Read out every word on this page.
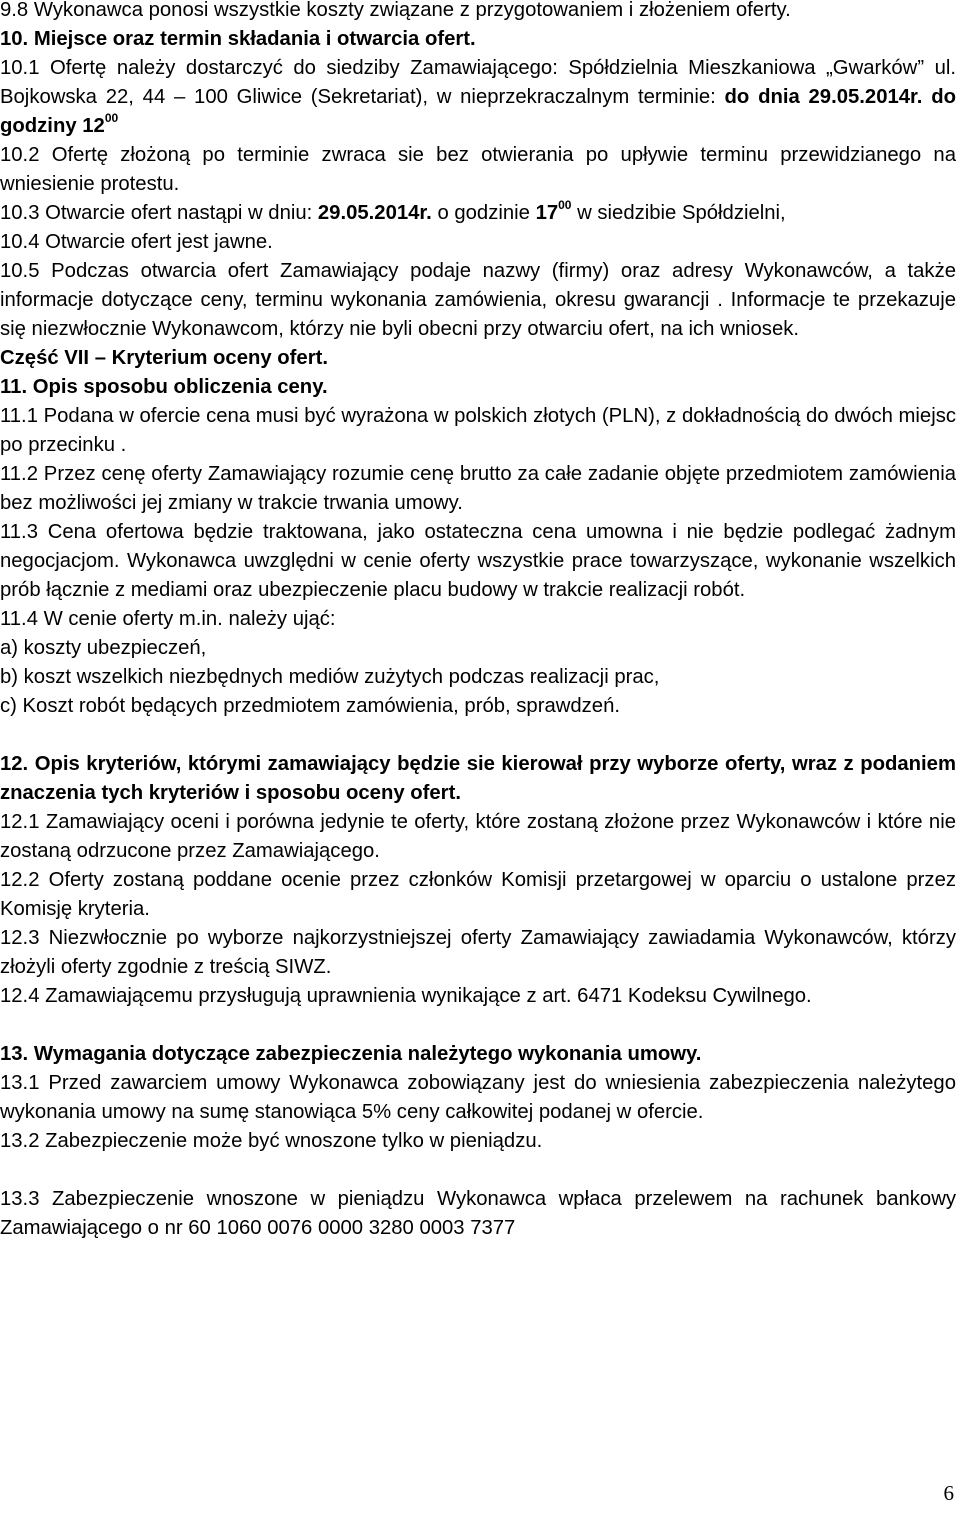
9.8 Wykonawca ponosi wszystkie koszty związane z przygotowaniem i złożeniem oferty.

10. Miejsce oraz termin składania i otwarcia ofert.

10.1 Ofertę należy dostarczyć do siedziby Zamawiającego: Spółdzielnia Mieszkaniowa „Gwarków” ul. Bojkowska 22, 44 – 100 Gliwice (Sekretariat), w nieprzekraczalnym terminie: do dnia 29.05.2014r. do godziny $12^{00}$

10.2 Ofertę złożoną po terminie zwraca sie bez otwierania po upływie terminu przewidzianego na wniesienie protestu.

10.3 Otwarcie ofert nastąpi w dniu: 29.05.2014r. o godzinie $17^{00}$ w siedzibie Spółdzielni,

10.4 Otwarcie ofert jest jawne.

10.5 Podczas otwarcia ofert Zamawiający podaje nazwy (firmy) oraz adresy Wykonawców, a także informacje dotyczące ceny, terminu wykonania zamówienia, okresu gwarancji . Informacje te przekazuje się niezwłocznie Wykonawcom, którzy nie byli obecni przy otwarciu ofert, na ich wniosek.

Część VII – Kryterium oceny ofert.

11. Opis sposobu obliczenia ceny.

11.1 Podana w ofercie cena musi być wyrażona w polskich złotych (PLN), z dokładnością do dwóch miejsc po przecinku .

11.2 Przez cenę oferty Zamawiający rozumie cenę brutto za całe zadanie objęte przedmiotem zamówienia bez możliwości jej zmiany w trakcie trwania umowy.

11.3 Cena ofertowa będzie traktowana, jako ostateczna cena umowna i nie będzie podlegać żadnym negocjacjom. Wykonawca uwzględni w cenie oferty wszystkie prace towarzyszące, wykonanie wszelkich prób łącznie z mediami oraz ubezpieczenie placu budowy w trakcie realizacji robót.

11.4 W cenie oferty m.in. należy ująć:

a) koszty ubezpieczeń,

b) koszt wszelkich niezbędnych mediów zużytych podczas realizacji prac,

c) Koszt robót będących przedmiotem zamówienia, prób, sprawdzeń.

12. Opis kryteriów, którymi zamawiający będzie sie kierował przy wyborze oferty, wraz z podaniem znaczenia tych kryteriów i sposobu oceny ofert.

12.1 Zamawiający oceni i porówna jedynie te oferty, które zostaną złożone przez Wykonawców i które nie zostaną odrzucone przez Zamawiającego.

12.2 Oferty zostaną poddane ocenie przez członków Komisji przetargowej w oparciu o ustalone przez Komisję kryteria.

12.3 Niezwłocznie po wyborze najkorzystniejszej oferty Zamawiający zawiadamia Wykonawców, którzy złożyli oferty zgodnie z treścią SIWZ.

12.4 Zamawiającemu przysługują uprawnienia wynikające z art. 6471 Kodeksu Cywilnego.

13. Wymagania dotyczące zabezpieczenia należytego wykonania umowy.

13.1 Przed zawarciem umowy Wykonawca zobowiązany jest do wniesienia zabezpieczenia należytego wykonania umowy na sumę stanowiąca 5% ceny całkowitej podanej w ofercie.

13.2 Zabezpieczenie może być wnoszone tylko w pieniądzu.

13.3 Zabezpieczenie wnoszone w pieniądzu Wykonawca wpłaca przelewem na rachunek bankowy Zamawiającego o nr 60 1060 0076 0000 3280 0003 7377

6
